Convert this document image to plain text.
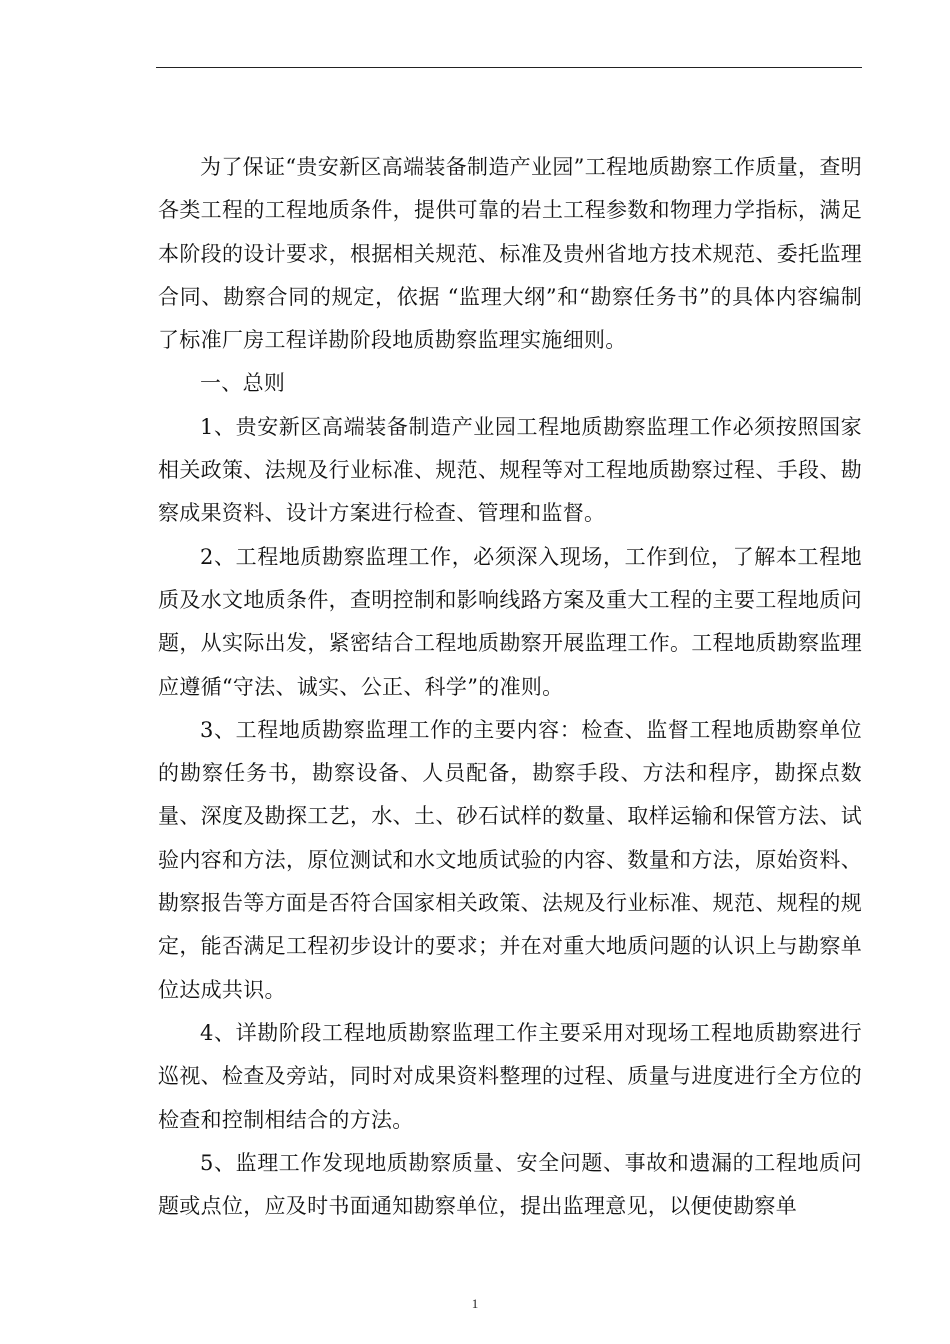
为了保证“贵安新区高端装备制造产业园”工程地质勘察工作质量，查明各类工程的工程地质条件，提供可靠的岩土工程参数和物理力学指标，满足本阶段的设计要求，根据相关规范、标准及贵州省地方技术规范、委托监理合同、勘察合同的规定，依据 “监理大纲”和“勘察任务书”的具体内容编制了标准厂房工程详勘阶段地质勘察监理实施细则。

一、总则

1、贵安新区高端装备制造产业园工程地质勘察监理工作必须按照国家相关政策、法规及行业标准、规范、规程等对工程地质勘察过程、手段、勘察成果资料、设计方案进行检查、管理和监督。

2、工程地质勘察监理工作，必须深入现场，工作到位，了解本工程地质及水文地质条件，查明控制和影响线路方案及重大工程的主要工程地质问题，从实际出发，紧密结合工程地质勘察开展监理工作。工程地质勘察监理应遵循“守法、诚实、公正、科学”的准则。

3、工程地质勘察监理工作的主要内容：检查、监督工程地质勘察单位的勘察任务书，勘察设备、人员配备，勘察手段、方法和程序，勘探点数量、深度及勘探工艺，水、土、砂石试样的数量、取样运输和保管方法、试验内容和方法，原位测试和水文地质试验的内容、数量和方法，原始资料、勘察报告等方面是否符合国家相关政策、法规及行业标准、规范、规程的规定，能否满足工程初步设计的要求；并在对重大地质问题的认识上与勘察单位达成共识。

4、详勘阶段工程地质勘察监理工作主要采用对现场工程地质勘察进行巡视、检查及旁站，同时对成果资料整理的过程、质量与进度进行全方位的检查和控制相结合的方法。

5、监理工作发现地质勘察质量、安全问题、事故和遗漏的工程地质问题或点位，应及时书面通知勘察单位，提出监理意见，以便使勘察单

1
